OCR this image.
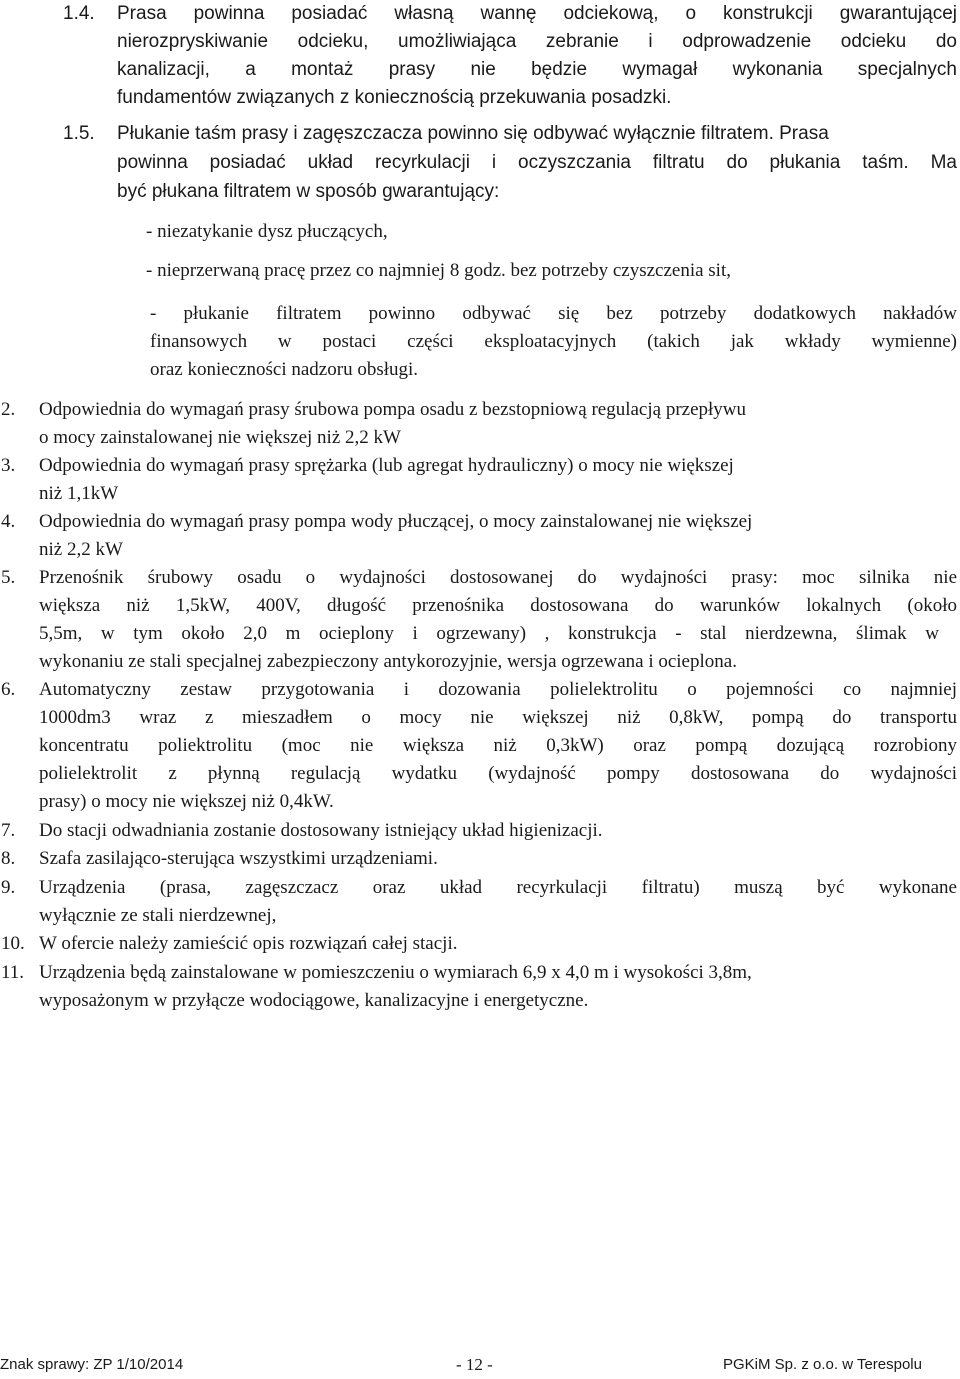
1.4. Prasa powinna posiadać własną wannę odciekową, o konstrukcji gwarantującej
nierozpryskiwanie odcieku, umożliwiająca zebranie i odprowadzenie odcieku do
kanalizacji, a montaż prasy nie będzie wymagał wykonania specjalnych
fundamentów związanych z koniecznością przekuwania posadzki.
1.5. Płukanie taśm prasy i zagęszczacza powinno się odbywać wyłącznie filtratem. Prasa
powinna posiadać układ recyrkulacji i oczyszczania filtratu do płukania taśm. Ma
być płukana filtratem w sposób gwarantujący:
- niezatykanie dysz płuczących,
- nieprzerwaną pracę przez co najmniej 8 godz. bez potrzeby czyszczenia sit,
- płukanie filtratem powinno odbywać się bez potrzeby dodatkowych nakładów
finansowych w postaci części eksploatacyjnych (takich jak wkłady wymienne)
oraz konieczności nadzoru obsługi.
2. Odpowiednia do wymagań prasy śrubowa pompa osadu z bezstopniową regulacją przepływu
o mocy zainstalowanej nie większej niż 2,2 kW
3. Odpowiednia do wymagań prasy sprężarka (lub agregat hydrauliczny) o mocy nie większej
niż 1,1kW
4. Odpowiednia do wymagań prasy pompa wody płuczącej, o mocy zainstalowanej nie większej
niż 2,2 kW
5. Przenośnik śrubowy osadu o wydajności dostosowanej do wydajności prasy: moc silnika nie
większa niż 1,5kW, 400V, długość przenośnika dostosowana do warunków lokalnych (około
5,5m, w tym około 2,0 m ocieplony i ogrzewany) , konstrukcja - stal nierdzewna, ślimak w
wykonaniu ze stali specjalnej zabezpieczony antykorozyjnie, wersja ogrzewana i ocieplona.
6. Automatyczny zestaw przygotowania i dozowania polielektrolitu o pojemności co najmniej
1000dm3 wraz z mieszadłem o mocy nie większej niż 0,8kW, pompą do transportu
koncentratu poliektrolitu (moc nie większa niż 0,3kW) oraz pompą dozującą rozrobiony
polielektrolit z płynną regulacją wydatku (wydajność pompy dostosowana do wydajności
prasy) o mocy nie większej niż 0,4kW.
7. Do stacji odwadniania zostanie dostosowany istniejący układ higienizacji.
8. Szafa zasilająco-sterująca wszystkimi urządzeniami.
9. Urządzenia (prasa, zagęszczacz oraz układ recyrkulacji filtratu) muszą być wykonane
wyłącznie ze stali nierdzewnej,
10. W ofercie należy zamieścić opis rozwiązań całej stacji.
11. Urządzenia będą zainstalowane w pomieszczeniu o wymiarach 6,9 x 4,0 m i wysokości 3,8m,
wyposażonym w przyłącze wodociągowe, kanalizacyjne i energetyczne.
Znak sprawy: ZP 1/10/2014	- 12 -	PGKiM Sp. z o.o. w Terespolu
